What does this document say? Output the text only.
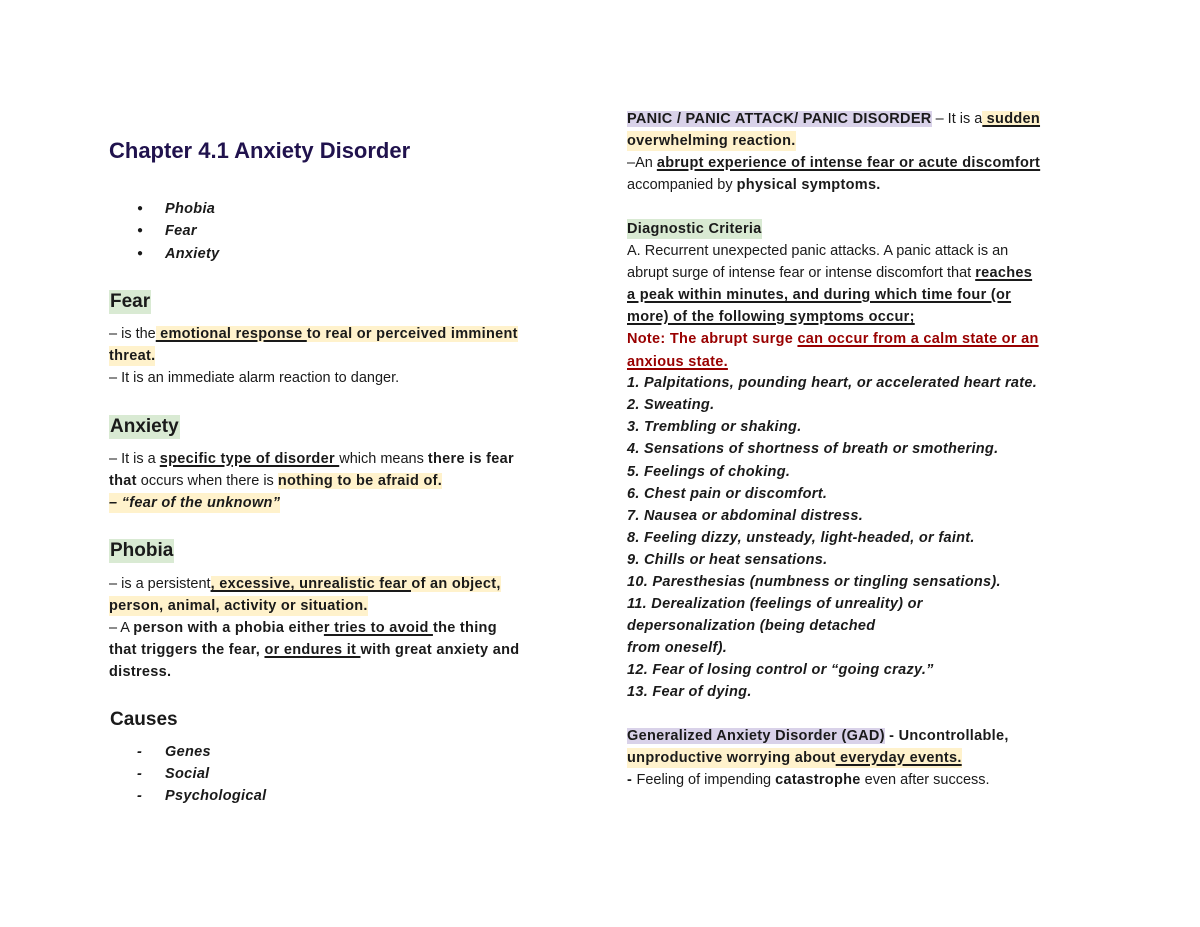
Chapter 4.1 Anxiety Disorder
● Phobia
● Fear
● Anxiety
Fear
– is the emotional response to real or perceived imminent
threat.
– It is an immediate alarm reaction to danger.
Anxiety
– It is a specific type of disorder which means there is fear
that occurs when there is nothing to be afraid of.
– “fear of the unknown”
Phobia
– is a persistent, excessive, unrealistic fear of an object,
person, animal, activity or situation.
– A person with a phobia either tries to avoid the thing
that triggers the fear, or endures it with great anxiety and
distress.
Causes
- Genes
- Social
- Psychological
PANIC / PANIC ATTACK/ PANIC DISORDER – It is a sudden
overwhelming reaction.
–An abrupt experience of intense fear or acute discomfort
accompanied by physical symptoms.
Diagnostic Criteria
A. Recurrent unexpected panic attacks. A panic attack is an
abrupt surge of intense fear or intense discomfort that reaches
a peak within minutes, and during which time four (or
more) of the following symptoms occur;
Note: The abrupt surge can occur from a calm state or an
anxious state.
1. Palpitations, pounding heart, or accelerated heart rate.
2. Sweating.
3. Trembling or shaking.
4. Sensations of shortness of breath or smothering.
5. Feelings of choking.
6. Chest pain or discomfort.
7. Nausea or abdominal distress.
8. Feeling dizzy, unsteady, light-headed, or faint.
9. Chills or heat sensations.
10. Paresthesias (numbness or tingling sensations).
11. Derealization (feelings of unreality) or
depersonalization (being detached
from oneself).
12. Fear of losing control or “going crazy.”
13. Fear of dying.
Generalized Anxiety Disorder (GAD) - Uncontrollable,
unproductive worrying about everyday events.
- Feeling of impending catastrophe even after success.
